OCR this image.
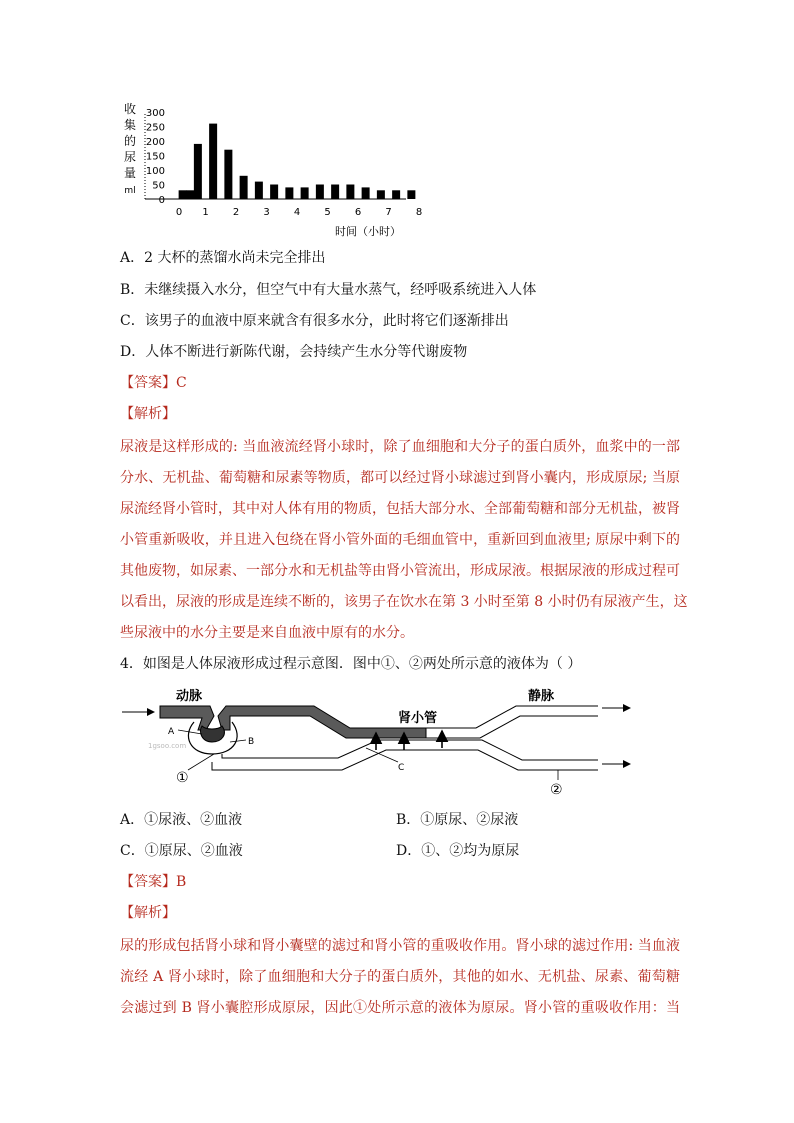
收
集
的
尿
量
ml
300
250
200
150
100
50
0
0 1 2 3 4 5 6 7 8
时间（小时）
A．2 大杯的蒸馏水尚未完全排出
B．未继续摄入水分，但空气中有大量水蒸气，经呼吸系统进入人体
C．该男子的血液中原来就含有很多水分，此时将它们逐渐排出
D．人体不断进行新陈代谢，会持续产生水分等代谢废物
【答案】C
【解析】
尿液是这样形成的: 当血液流经肾小球时，除了血细胞和大分子的蛋白质外，血浆中的一部
分水、无机盐、葡萄糖和尿素等物质，都可以经过肾小球滤过到肾小囊内，形成原尿; 当原
尿流经肾小管时，其中对人体有用的物质，包括大部分水、全部葡萄糖和部分无机盐，被肾
小管重新吸收，并且进入包绕在肾小管外面的毛细血管中，重新回到血液里; 原尿中剩下的
其他废物，如尿素、一部分水和无机盐等由肾小管流出，形成尿液。根据尿液的形成过程可
以看出，尿液的形成是连续不断的，该男子在饮水在第 3 小时至第 8 小时仍有尿液产生，这
些尿液中的水分主要是来自血液中原有的水分。
4．如图是人体尿液形成过程示意图．图中①、②两处所示意的液体为（ ）
动脉
肾小管
静脉
A
B
C
①
②
1gsoo.com
A．①尿液、②血液	B．①原尿、②尿液
C．①原尿、②血液	D．①、②均为原尿
【答案】B
【解析】
尿的形成包括肾小球和肾小囊壁的滤过和肾小管的重吸收作用。肾小球的滤过作用: 当血液
流经 A 肾小球时，除了血细胞和大分子的蛋白质外，其他的如水、无机盐、尿素、葡萄糖
会滤过到 B 肾小囊腔形成原尿，因此①处所示意的液体为原尿。肾小管的重吸收作用：当
